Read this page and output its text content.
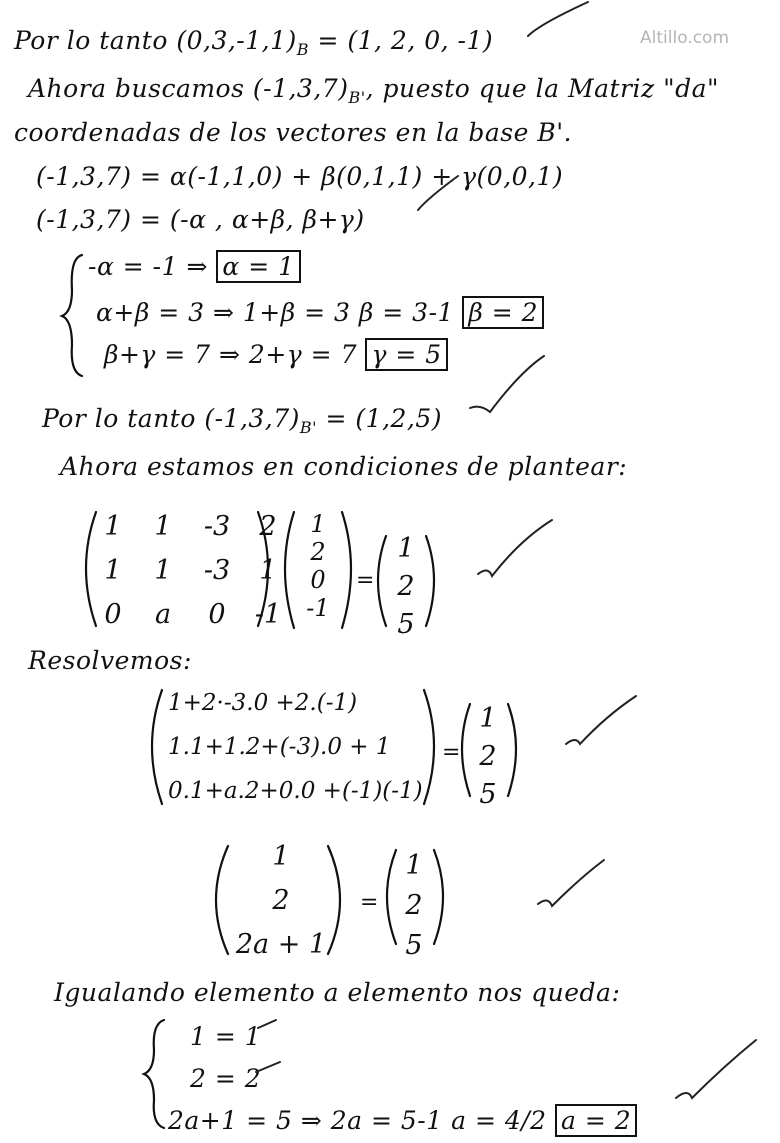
Altillo.com
Por lo tanto $(0,3,-1,1)_B = (1$, 2, 0, -1)
Ahora buscamos $(-1,3,7)_{B'}$, puesto que la Matriz "da"
coordenadas de los vectores en la base B'.
(-1,3,7) = α(-1,1,0) + β(0,1,1) + γ(0,0,1)
(-1,3,7) = (-α , α+β, β+γ)
-α = -1 ⇒ α = 1
α+β = 3 ⇒ 1+β = 3 β = 3-1 β = 2
β+γ = 7 ⇒ 2+γ = 7 γ = 5
Por lo tanto $(-1,3,7)_{B'} = (1,2,5)$
Ahora estamos en condiciones de plantear:
1	1	-3	2
1	1	-3	1
0	a	0	-1
1
2
0
-1
=
1
2
5
Resolvemos:
1+2·-3.0 +2.(-1)
1.1+1.2+(-3).0 + 1
0.1+a.2+0.0 +(-1)(-1)
=
1
2
5
1
2
2a + 1
=
1
2
5
Igualando elemento a elemento nos queda:
1 = 1
2 = 2
2a+1 = 5 ⇒ 2a = 5-1 a = 4/2 a = 2
